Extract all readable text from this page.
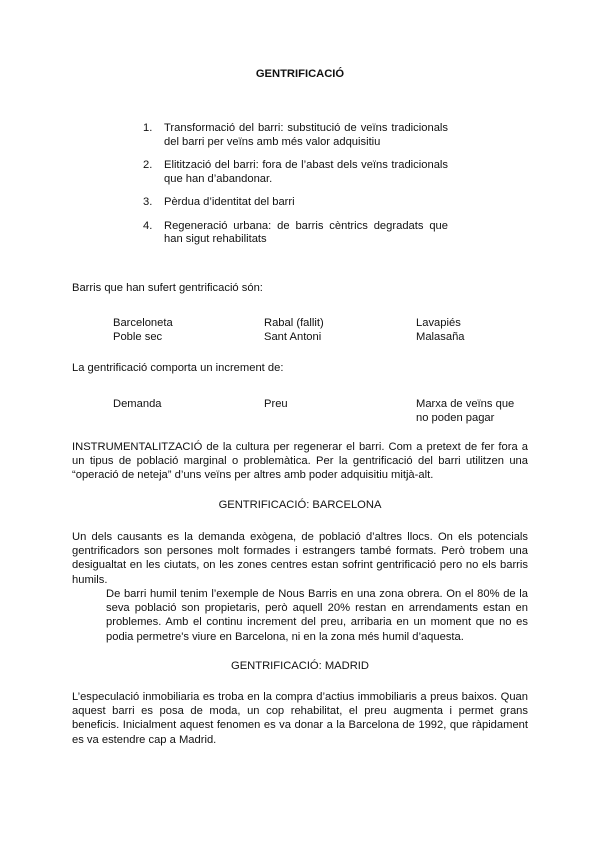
GENTRIFICACIÓ
1. Transformació del barri: substitució de veïns tradicionals del barri per veïns amb més valor adquisitiu
2. Elitització del barri: fora de l’abast dels veïns tradicionals que han d’abandonar.
3. Pèrdua d’identitat del barri
4. Regeneració urbana: de barris cèntrics degradats que han sigut rehabilitats
Barris que han sufert gentrificació són:
Barceloneta
Poble sec
Rabal (fallit)
Sant Antoni
Lavapiés
Malasaña
La gentrificació comporta un increment de:
Demanda	Preu	Marxa de veïns que no poden pagar
INSTRUMENTALITZACIÓ de la cultura per regenerar el barri. Com a pretext de fer fora a un tipus de població marginal o problemàtica. Per la gentrificació del barri utilitzen una “operació de neteja” d’uns veïns per altres amb poder adquisitiu mitjà-alt.
GENTRIFICACIÓ: BARCELONA
Un dels causants es la demanda exògena, de població d’altres llocs. On els potencials gentrificadors son persones molt formades i estrangers també formats. Però trobem una desigualtat en les ciutats, on les zones centres estan sofrint gentrificació pero no els barris humils.
De barri humil tenim l’exemple de Nous Barris en una zona obrera. On el 80% de la seva població son propietaris, però aquell 20% restan en arrendaments estan en problemes. Amb el continu increment del preu, arribaria en un moment que no es podia permetre's viure en Barcelona, ni en la zona més humil d’aquesta.
GENTRIFICACIÓ: MADRID
L’especulació inmobiliaria es troba en la compra d’actius immobiliaris a preus baixos. Quan aquest barri es posa de moda, un cop rehabilitat, el preu augmenta i permet grans beneficis. Inicialment aquest fenomen es va donar a la Barcelona de 1992, que ràpidament es va estendre cap a Madrid.
